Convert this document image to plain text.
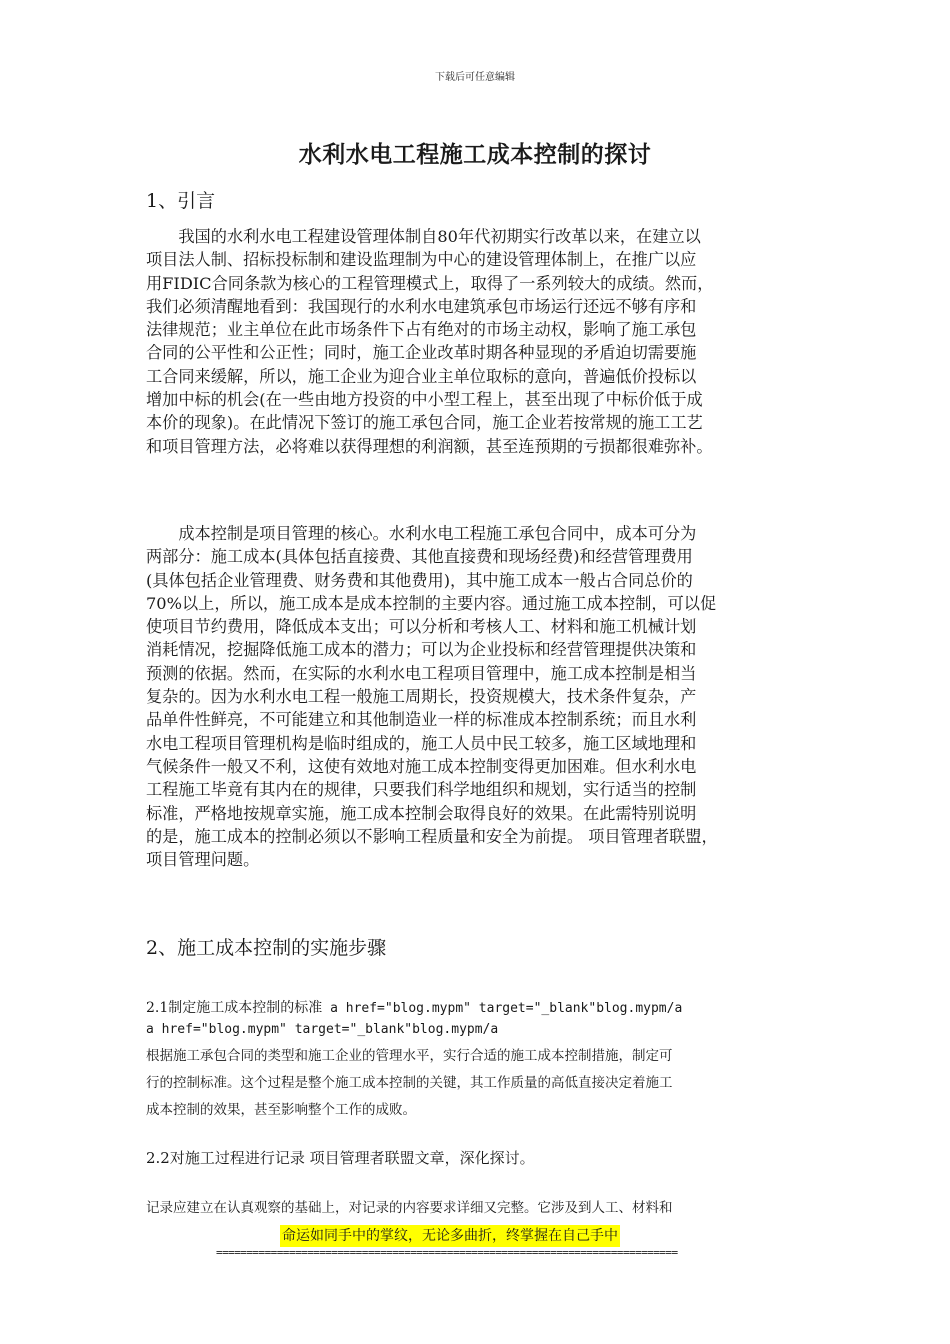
下载后可任意编辑
水利水电工程施工成本控制的探讨
1、引言
　　我国的水利水电工程建设管理体制自80年代初期实行改革以来，在建立以
项目法人制、招标投标制和建设监理制为中心的建设管理体制上，在推广以应
用FIDIC合同条款为核心的工程管理模式上，取得了一系列较大的成绩。然而，
我们必须清醒地看到：我国现行的水利水电建筑承包市场运行还远不够有序和
法律规范；业主单位在此市场条件下占有绝对的市场主动权，影响了施工承包
合同的公平性和公正性；同时，施工企业改革时期各种显现的矛盾迫切需要施
工合同来缓解，所以，施工企业为迎合业主单位取标的意向，普遍低价投标以
增加中标的机会(在一些由地方投资的中小型工程上，甚至出现了中标价低于成
本价的现象)。在此情况下签订的施工承包合同，施工企业若按常规的施工工艺
和项目管理方法，必将难以获得理想的利润额，甚至连预期的亏损都很难弥补。
　　成本控制是项目管理的核心。水利水电工程施工承包合同中，成本可分为
两部分：施工成本(具体包括直接费、其他直接费和现场经费)和经营管理费用
(具体包括企业管理费、财务费和其他费用)，其中施工成本一般占合同总价的
70%以上，所以，施工成本是成本控制的主要内容。通过施工成本控制，可以促
使项目节约费用，降低成本支出；可以分析和考核人工、材料和施工机械计划
消耗情况，挖掘降低施工成本的潜力；可以为企业投标和经营管理提供决策和
预测的依据。然而，在实际的水利水电工程项目管理中，施工成本控制是相当
复杂的。因为水利水电工程一般施工周期长，投资规模大，技术条件复杂，产
品单件性鲜亮，不可能建立和其他制造业一样的标准成本控制系统；而且水利
水电工程项目管理机构是临时组成的，施工人员中民工较多，施工区域地理和
气候条件一般又不利，这使有效地对施工成本控制变得更加困难。但水利水电
工程施工毕竟有其内在的规律，只要我们科学地组织和规划，实行适当的控制
标准，严格地按规章实施，施工成本控制会取得良好的效果。在此需特别说明
的是，施工成本的控制必须以不影响工程质量和安全为前提。 项目管理者联盟，
项目管理问题。
2、施工成本控制的实施步骤
2.1制定施工成本控制的标准 a href="blog.mypm" target="_blank"blog.mypm/a
a href="blog.mypm" target="_blank"blog.mypm/a
根据施工承包合同的类型和施工企业的管理水平，实行合适的施工成本控制措施，制定可
行的控制标准。这个过程是整个施工成本控制的关键，其工作质量的高低直接决定着施工
成本控制的效果，甚至影响整个工作的成败。
2.2对施工过程进行记录 项目管理者联盟文章，深化探讨。
记录应建立在认真观察的基础上，对记录的内容要求详细又完整。它涉及到人工、材料和
命运如同手中的掌纹，无论多曲折，终掌握在自己手中
============================================================================
